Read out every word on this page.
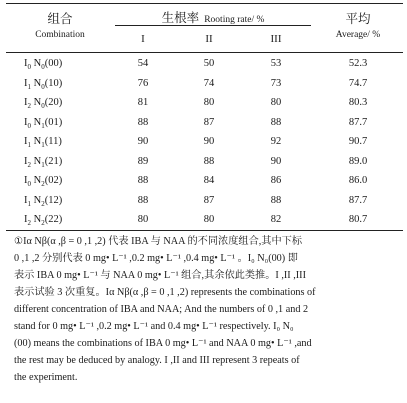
组合
Combination
生根率 Rooting rate/ %
I	II	III
平均
Average/ %
$I_0$ $N_0(00)$	54	50	53	52.3
$I_1$ $N_0(10)$	76	74	73	74.7
$I_2$ $N_0(20)$	81	80	80	80.3
$I_0$ $N_1(01)$	88	87	88	87.7
$I_1$ $N_1(11)$	90	90	92	90.7
$I_2$ $N_1(21)$	89	88	90	89.0
$I_0$ $N_2(02)$	88	84	86	86.0
$I_1$ $N_2(12)$	88	87	88	87.7
$I_2$ $N_2(22)$	80	80	82	80.7
①Iα Nβ(α ,β = 0 ,1 ,2) 代表 IBA 与 NAA 的不同浓度组合,其中下标
0 ,1 ,2 分别代表 0 mg• L⁻¹ ,0.2 mg• L⁻¹ ,0.4 mg• L⁻¹ 。I₀ N₀(00) 即
表示 IBA 0 mg• L⁻¹ 与 NAA 0 mg• L⁻¹ 组合,其余依此类推。I ,II ,III
表示试验 3 次重复。Iα Nβ(α ,β = 0 ,1 ,2) represents the combinations of
different concentration of IBA and NAA; And the numbers of 0 ,1 and 2
stand for 0 mg• L⁻¹ ,0.2 mg• L⁻¹ and 0.4 mg• L⁻¹ respectively. I₀ N₀
(00) means the combinations of IBA 0 mg• L⁻¹ and NAA 0 mg• L⁻¹ ,and
the rest may be deduced by analogy. I ,II and III represent 3 repeats of
the experiment.
